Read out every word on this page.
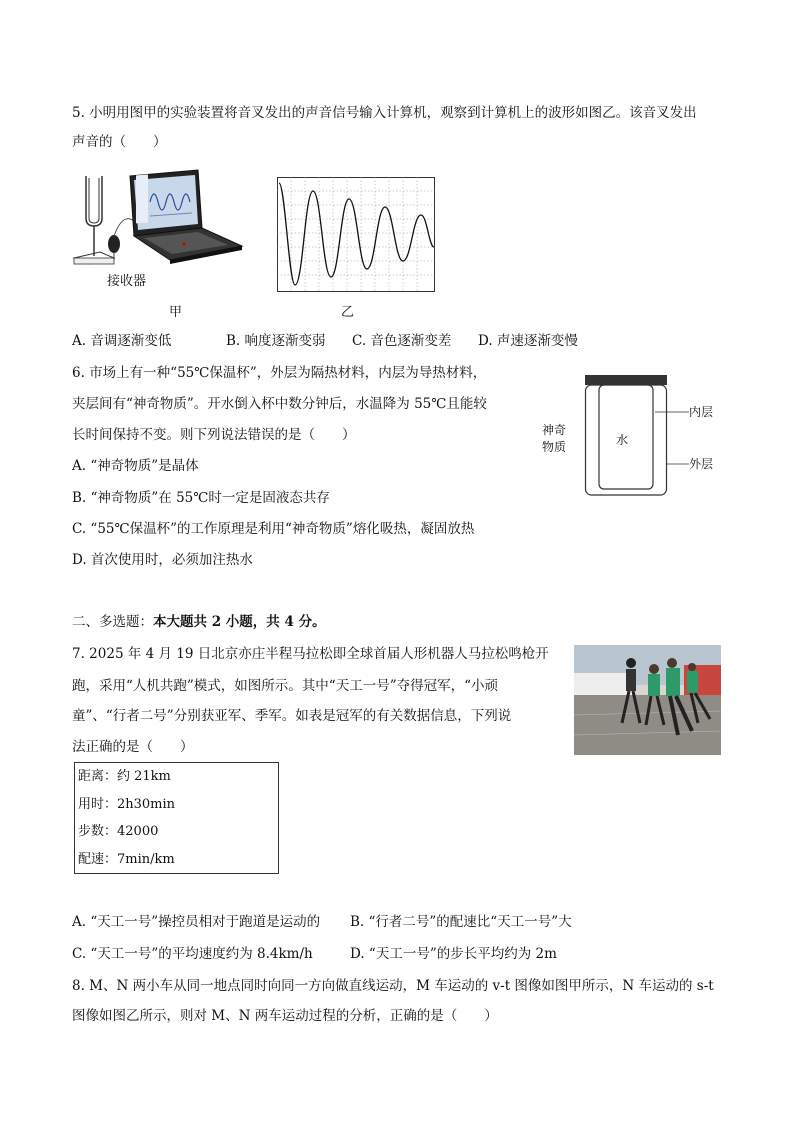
5. 小明用图甲的实验装置将音叉发出的声音信号输入计算机，观察到计算机上的波形如图乙。该音叉发出
声音的（　　）
接收器
甲	乙
A. 音调逐渐变低	B. 响度逐渐变弱 C. 音色逐渐变差 D. 声速逐渐变慢
6. 市场上有一种“55℃保温杯”，外层为隔热材料，内层为导热材料，
夹层间有“神奇物质”。开水倒入杯中数分钟后，水温降为 55℃且能较
长时间保持不变。则下列说法错误的是（　　）
A. “神奇物质”是晶体
B. “神奇物质”在 55℃时一定是固液态共存
C. “55℃保温杯”的工作原理是利用“神奇物质”熔化吸热，凝固放热
D. 首次使用时，必须加注热水
水
神奇
物质
内层
外层
二、多选题：本大题共 2 小题，共 4 分。
7. 2025 年 4 月 19 日北京亦庄半程马拉松即全球首届人形机器人马拉松鸣枪开
跑，采用“人机共跑”模式，如图所示。其中“天工一号”夺得冠军，“小顽
童”、“行者二号”分别获亚军、季军。如表是冠军的有关数据信息，下列说
法正确的是（　　）
距离：约 21km
用时：2h30min
步数：42000
配速：7min/km
A. “天工一号”操控员相对于跑道是运动的 B. “行者二号”的配速比“天工一号”大
C. “天工一号”的平均速度约为 8.4km/h	D. “天工一号”的步长平均约为 2m
8. M、N 两小车从同一地点同时向同一方向做直线运动，M 车运动的 v-t 图像如图甲所示，N 车运动的 s-t
图像如图乙所示，则对 M、N 两车运动过程的分析，正确的是（　　）
